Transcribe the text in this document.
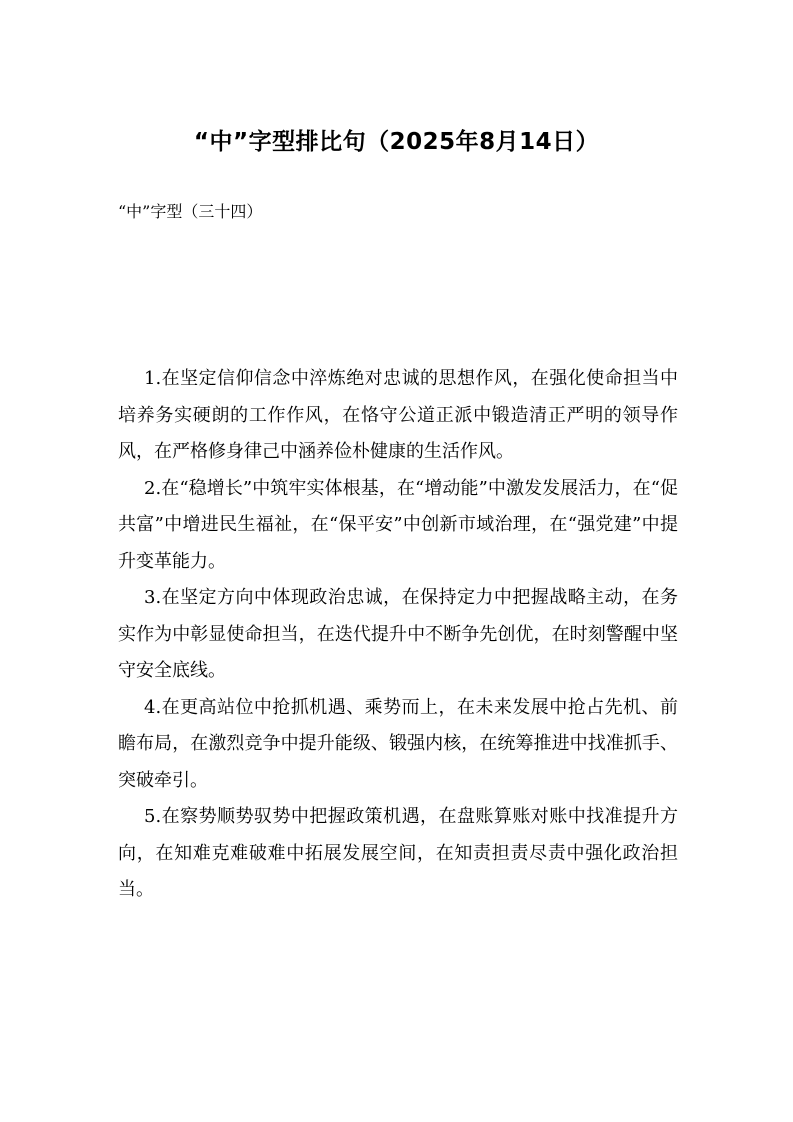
“中”字型排比句（2025年8月14日）
“中”字型（三十四）

1.在坚定信仰信念中淬炼绝对忠诚的思想作风，在强化使命担当中培养务实硬朗的工作作风，在恪守公道正派中锻造清正严明的领导作风，在严格修身律己中涵养俭朴健康的生活作风。

2.在“稳增长”中筑牢实体根基，在“增动能”中激发发展活力，在“促共富”中增进民生福祉，在“保平安”中创新市域治理，在“强党建”中提升变革能力。

3.在坚定方向中体现政治忠诚，在保持定力中把握战略主动，在务实作为中彰显使命担当，在迭代提升中不断争先创优，在时刻警醒中坚守安全底线。

4.在更高站位中抢抓机遇、乘势而上，在未来发展中抢占先机、前瞻布局，在激烈竞争中提升能级、锻强内核，在统筹推进中找准抓手、突破牵引。

5.在察势顺势驭势中把握政策机遇，在盘账算账对账中找准提升方向，在知难克难破难中拓展发展空间，在知责担责尽责中强化政治担当。
